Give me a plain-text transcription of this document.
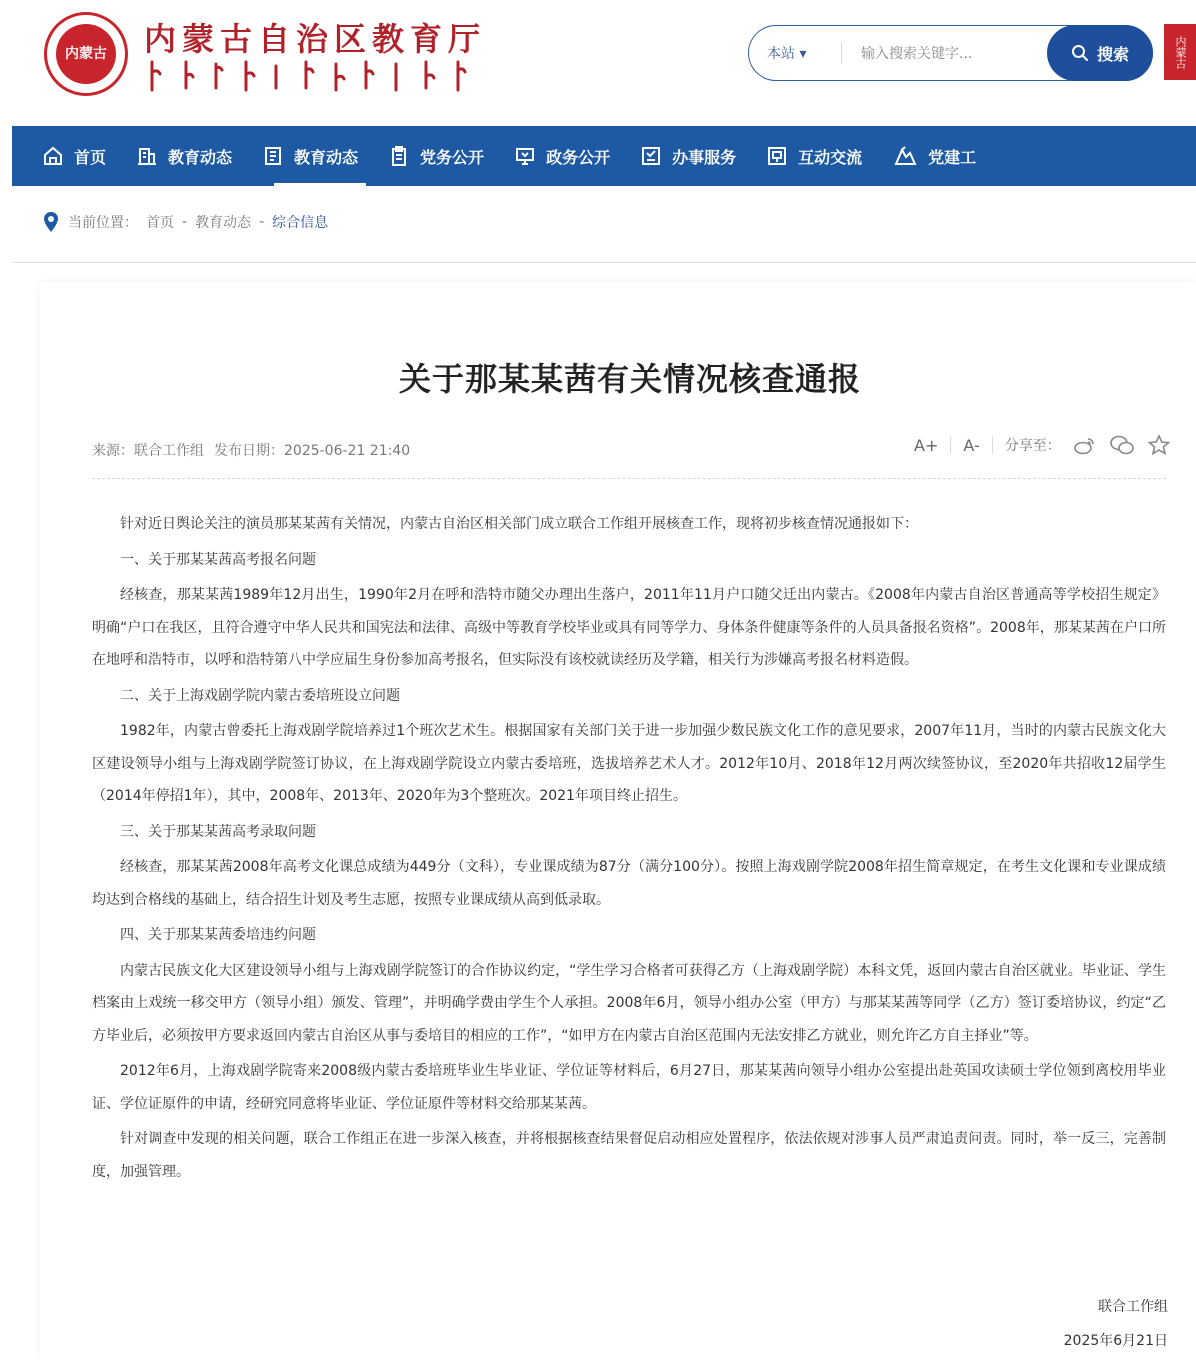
内蒙古 内蒙古自治区教育厅	本站 ▾
输入搜索关键字...	搜索	内蒙古
首页	教育动态	教育动态	党务公开	政务公开	办事服务	互动交流	党建工
当前位置： 首页 - 教育动态 - 综合信息
关于那某某茜有关情况核查通报
来源：联合工作组 发布日期：2025-06-21 21:40	A+ A- 分享至：

针对近日舆论关注的演员那某某茜有关情况，内蒙古自治区相关部门成立联合工作组开展核查工作，现将初步核查情况通报如下：

一、关于那某某茜高考报名问题

经核查，那某某茜1989年12月出生，1990年2月在呼和浩特市随父办理出生落户，2011年11月户口随父迁出内蒙古。《2008年内蒙古自治区普通高等学校招生规定》明确“户口在我区，且符合遵守中华人民共和国宪法和法律、高级中等教育学校毕业或具有同等学力、身体条件健康等条件的人员具备报名资格”。2008年，那某某茜在户口所在地呼和浩特市，以呼和浩特第八中学应届生身份参加高考报名，但实际没有该校就读经历及学籍，相关行为涉嫌高考报名材料造假。

二、关于上海戏剧学院内蒙古委培班设立问题

1982年，内蒙古曾委托上海戏剧学院培养过1个班次艺术生。根据国家有关部门关于进一步加强少数民族文化工作的意见要求，2007年11月，当时的内蒙古民族文化大区建设领导小组与上海戏剧学院签订协议，在上海戏剧学院设立内蒙古委培班，选拔培养艺术人才。2012年10月、2018年12月两次续签协议，至2020年共招收12届学生（2014年停招1年），其中，2008年、2013年、2020年为3个整班次。2021年项目终止招生。

三、关于那某某茜高考录取问题

经核查，那某某茜2008年高考文化课总成绩为449分（文科），专业课成绩为87分（满分100分）。按照上海戏剧学院2008年招生简章规定，在考生文化课和专业课成绩均达到合格线的基础上，结合招生计划及考生志愿，按照专业课成绩从高到低录取。

四、关于那某某茜委培违约问题

内蒙古民族文化大区建设领导小组与上海戏剧学院签订的合作协议约定，“学生学习合格者可获得乙方（上海戏剧学院）本科文凭，返回内蒙古自治区就业。毕业证、学生档案由上戏统一移交甲方（领导小组）颁发、管理”，并明确学费由学生个人承担。2008年6月，领导小组办公室（甲方）与那某某茜等同学（乙方）签订委培协议，约定“乙方毕业后，必须按甲方要求返回内蒙古自治区从事与委培目的相应的工作”，“如甲方在内蒙古自治区范围内无法安排乙方就业，则允许乙方自主择业”等。

2012年6月，上海戏剧学院寄来2008级内蒙古委培班毕业生毕业证、学位证等材料后，6月27日，那某某茜向领导小组办公室提出赴英国攻读硕士学位领到离校用毕业证、学位证原件的申请，经研究同意将毕业证、学位证原件等材料交给那某某茜。

针对调查中发现的相关问题，联合工作组正在进一步深入核查，并将根据核查结果督促启动相应处置程序，依法依规对涉事人员严肃追责问责。同时，举一反三，完善制度，加强管理。

联合工作组
2025年6月21日
